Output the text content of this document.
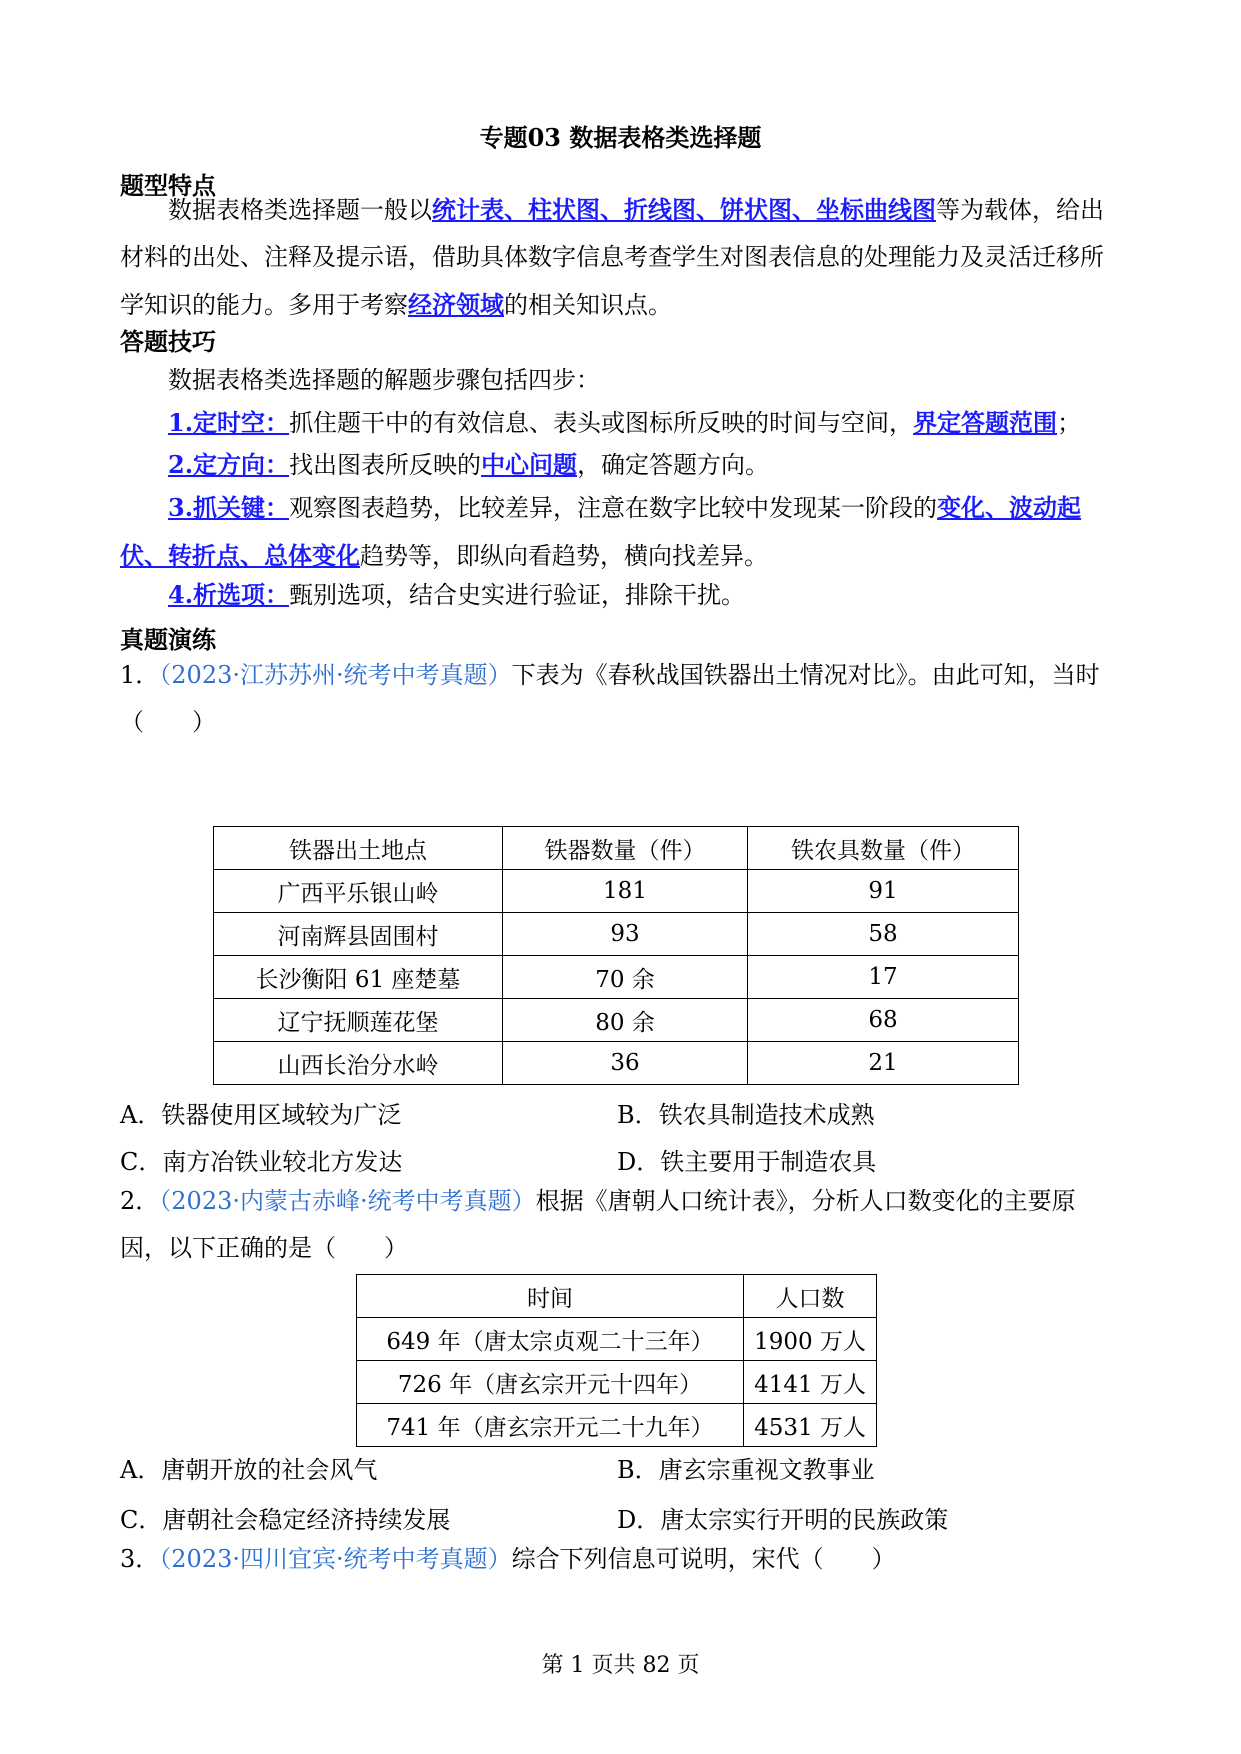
专题03 数据表格类选择题
题型特点
数据表格类选择题一般以统计表、柱状图、折线图、饼状图、坐标曲线图等为载体，给出材料的出处、注释及提示语，借助具体数字信息考查学生对图表信息的处理能力及灵活迁移所学知识的能力。多用于考察经济领域的相关知识点。
答题技巧
数据表格类选择题的解题步骤包括四步：
1.定时空：抓住题干中的有效信息、表头或图标所反映的时间与空间，界定答题范围；
2.定方向：找出图表所反映的中心问题，确定答题方向。
3.抓关键：观察图表趋势，比较差异，注意在数字比较中发现某一阶段的变化、波动起伏、转折点、总体变化趋势等，即纵向看趋势，横向找差异。
4.析选项：甄别选项，结合史实进行验证，排除干扰。
真题演练
1．（2023·江苏苏州·统考中考真题）下表为《春秋战国铁器出土情况对比》。由此可知，当时（　　）
铁器出土地点	铁器数量（件）	铁农具数量（件）
广西平乐银山岭	181	91
河南辉县固围村	93	58
长沙衡阳 61 座楚墓	70 余	17
辽宁抚顺莲花堡	80 余	68
山西长治分水岭	36	21
A．铁器使用区域较为广泛	B．铁农具制造技术成熟
C．南方冶铁业较北方发达	D．铁主要用于制造农具
2．（2023·内蒙古赤峰·统考中考真题）根据《唐朝人口统计表》，分析人口数变化的主要原因，以下正确的是（　　）
时间	人口数
649 年（唐太宗贞观二十三年）	1900 万人
726 年（唐玄宗开元十四年）	4141 万人
741 年（唐玄宗开元二十九年）	4531 万人
A．唐朝开放的社会风气	B．唐玄宗重视文教事业
C．唐朝社会稳定经济持续发展	D．唐太宗实行开明的民族政策
3．（2023·四川宜宾·统考中考真题）综合下列信息可说明，宋代（　　）
第 1 页共 82 页
